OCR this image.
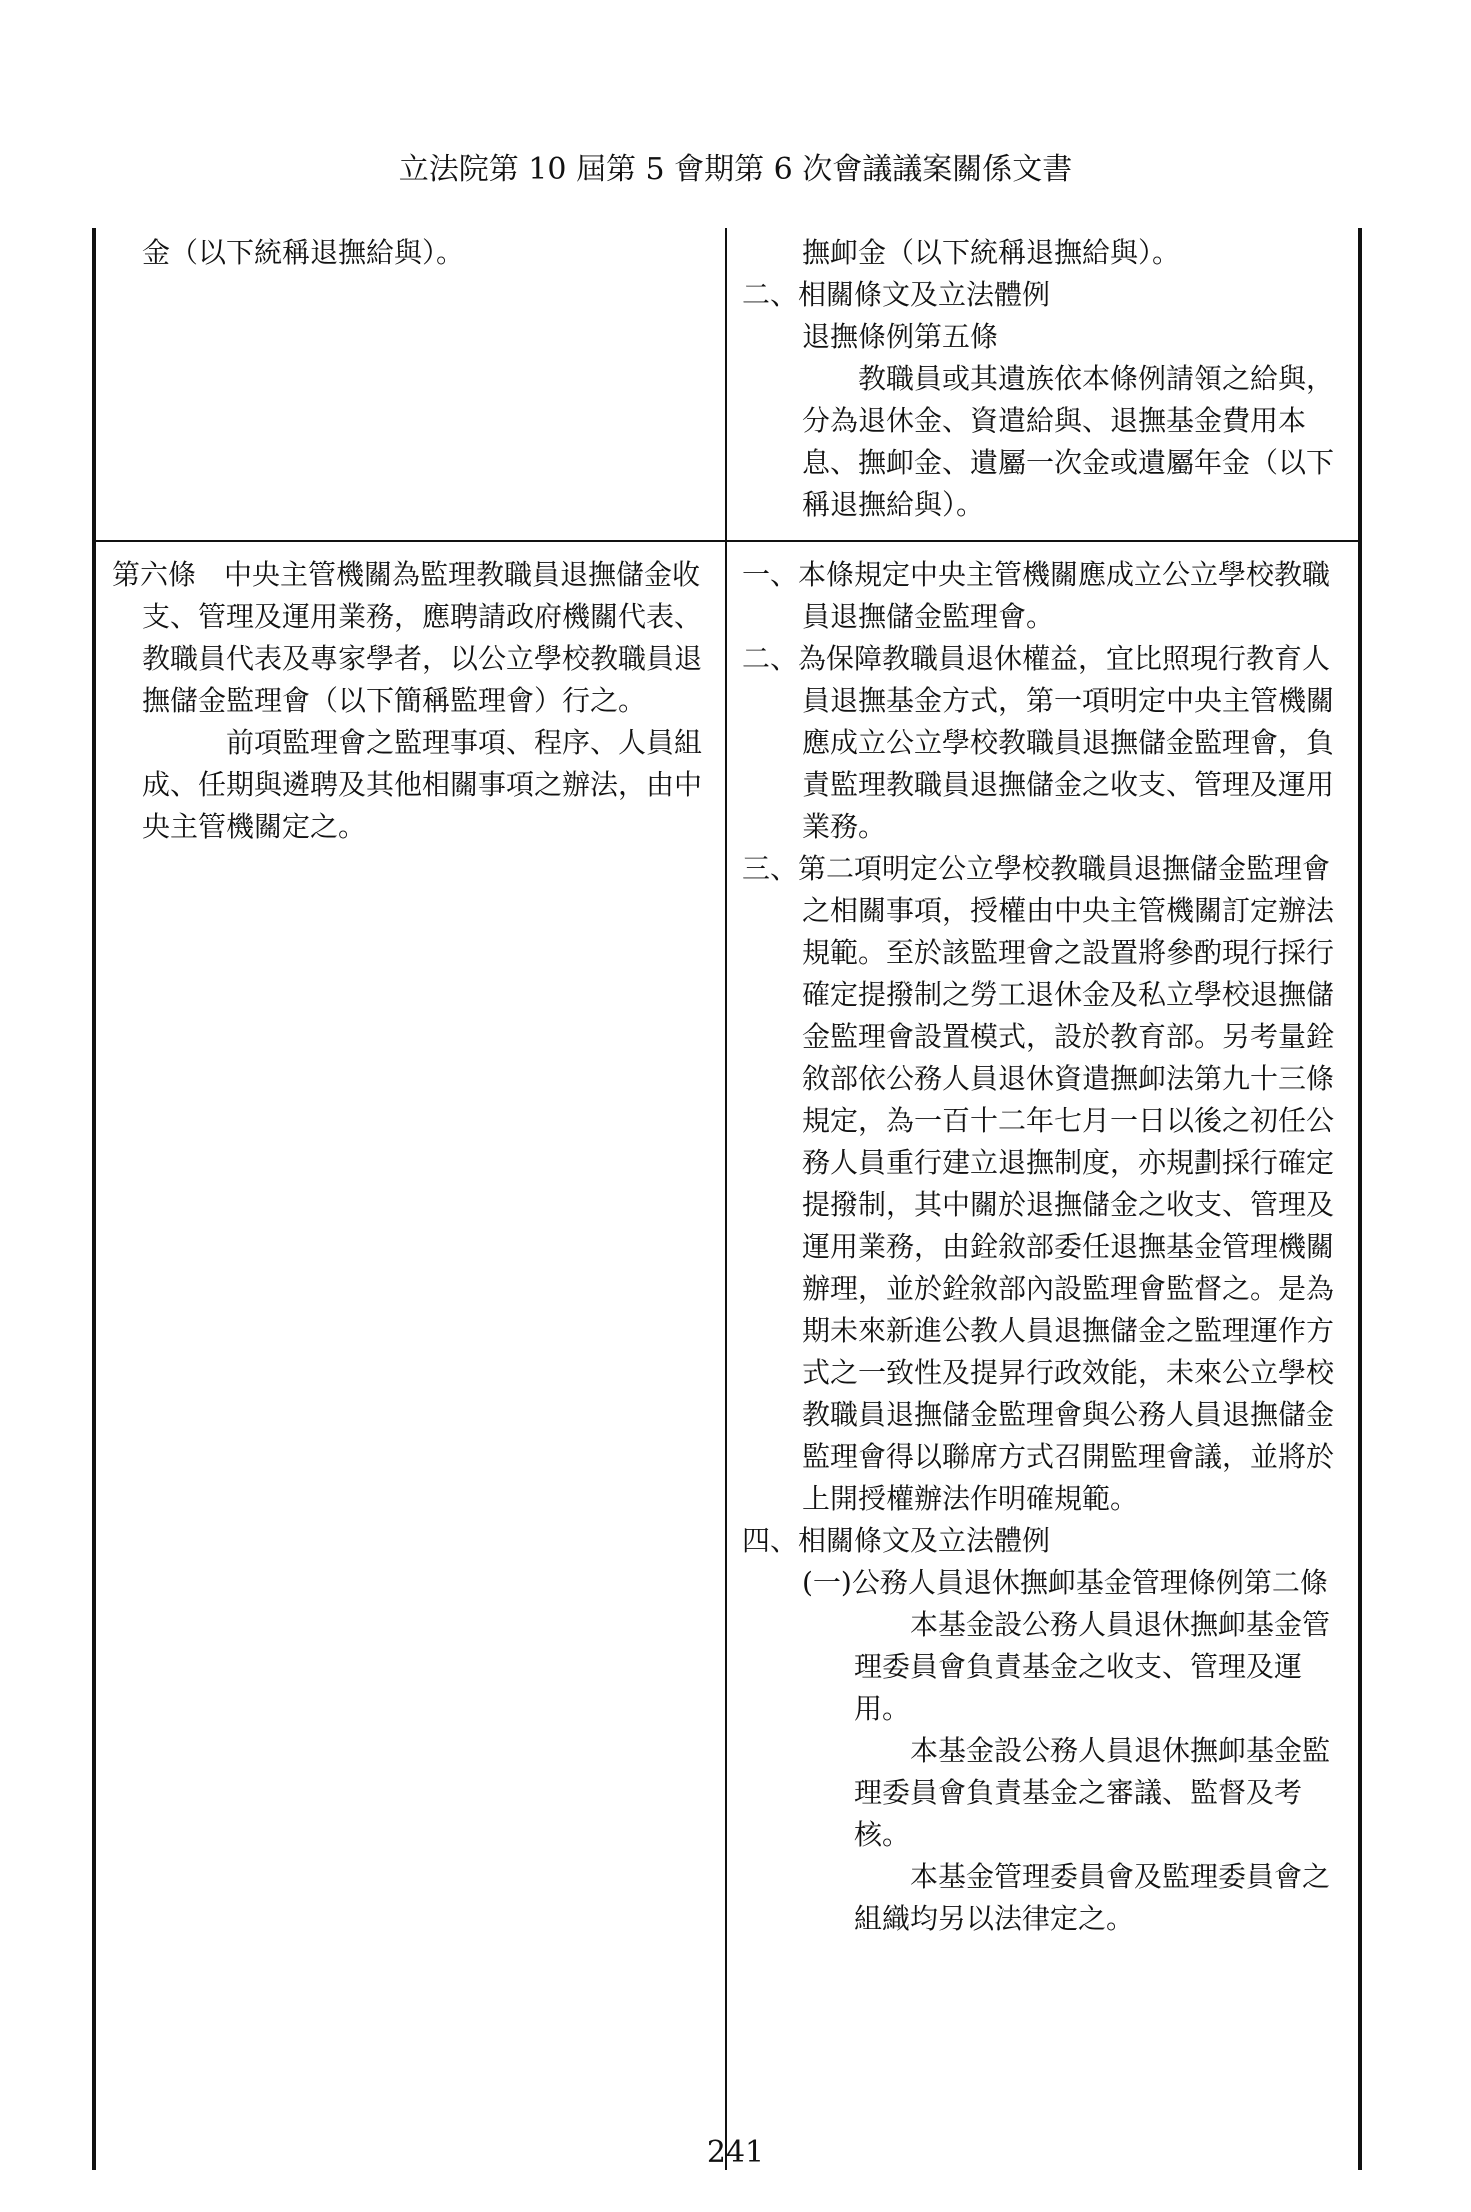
立法院第 10 屆第 5 會期第 6 次會議議案關係文書

金（以下統稱退撫給與）。	撫卹金（以下統稱退撫給與）。

二、相關條文及立法體例

退撫條例第五條

教職員或其遺族依本條例請領之給與，分為退休金、資遣給與、退撫基金費用本息、撫卹金、遺屬一次金或遺屬年金（以下稱退撫給與）。

第六條　中央主管機關為監理教職員退撫儲金收支、管理及運用業務，應聘請政府機關代表、教職員代表及專家學者，以公立學校教職員退撫儲金監理會（以下簡稱監理會）行之。

前項監理會之監理事項、程序、人員組成、任期與遴聘及其他相關事項之辦法，由中央主管機關定之。

一、本條規定中央主管機關應成立公立學校教職員退撫儲金監理會。

二、為保障教職員退休權益，宜比照現行教育人員退撫基金方式，第一項明定中央主管機關應成立公立學校教職員退撫儲金監理會，負責監理教職員退撫儲金之收支、管理及運用業務。

三、第二項明定公立學校教職員退撫儲金監理會之相關事項，授權由中央主管機關訂定辦法規範。至於該監理會之設置將參酌現行採行確定提撥制之勞工退休金及私立學校退撫儲金監理會設置模式，設於教育部。另考量銓敘部依公務人員退休資遣撫卹法第九十三條規定，為一百十二年七月一日以後之初任公務人員重行建立退撫制度，亦規劃採行確定提撥制，其中關於退撫儲金之收支、管理及運用業務，由銓敘部委任退撫基金管理機關辦理，並於銓敘部內設監理會監督之。是為期未來新進公教人員退撫儲金之監理運作方式之一致性及提昇行政效能，未來公立學校教職員退撫儲金監理會與公務人員退撫儲金監理會得以聯席方式召開監理會議，並將於上開授權辦法作明確規範。

四、相關條文及立法體例

(一)公務人員退休撫卹基金管理條例第二條

本基金設公務人員退休撫卹基金管理委員會負責基金之收支、管理及運用。

本基金設公務人員退休撫卹基金監理委員會負責基金之審議、監督及考核。

本基金管理委員會及監理委員會之組織均另以法律定之。

241
